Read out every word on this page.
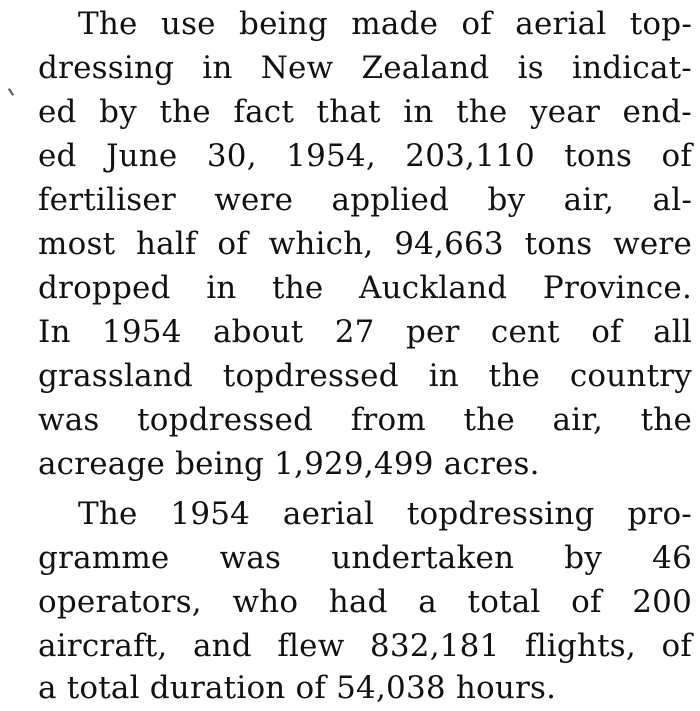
The use being made of aerial top-
dressing in New Zealand is indicat-
ed by the fact that in the year end-
ed June 30, 1954, 203,110 tons of
fertiliser were applied by air, al-
most half of which, 94,663 tons were
dropped in the Auckland Province.
In 1954 about 27 per cent of all
grassland topdressed in the country
was topdressed from the air, the
acreage being 1,929,499 acres.
The 1954 aerial topdressing pro-
gramme was undertaken by 46
operators, who had a total of 200
aircraft, and flew 832,181 flights, of
a total duration of 54,038 hours.
